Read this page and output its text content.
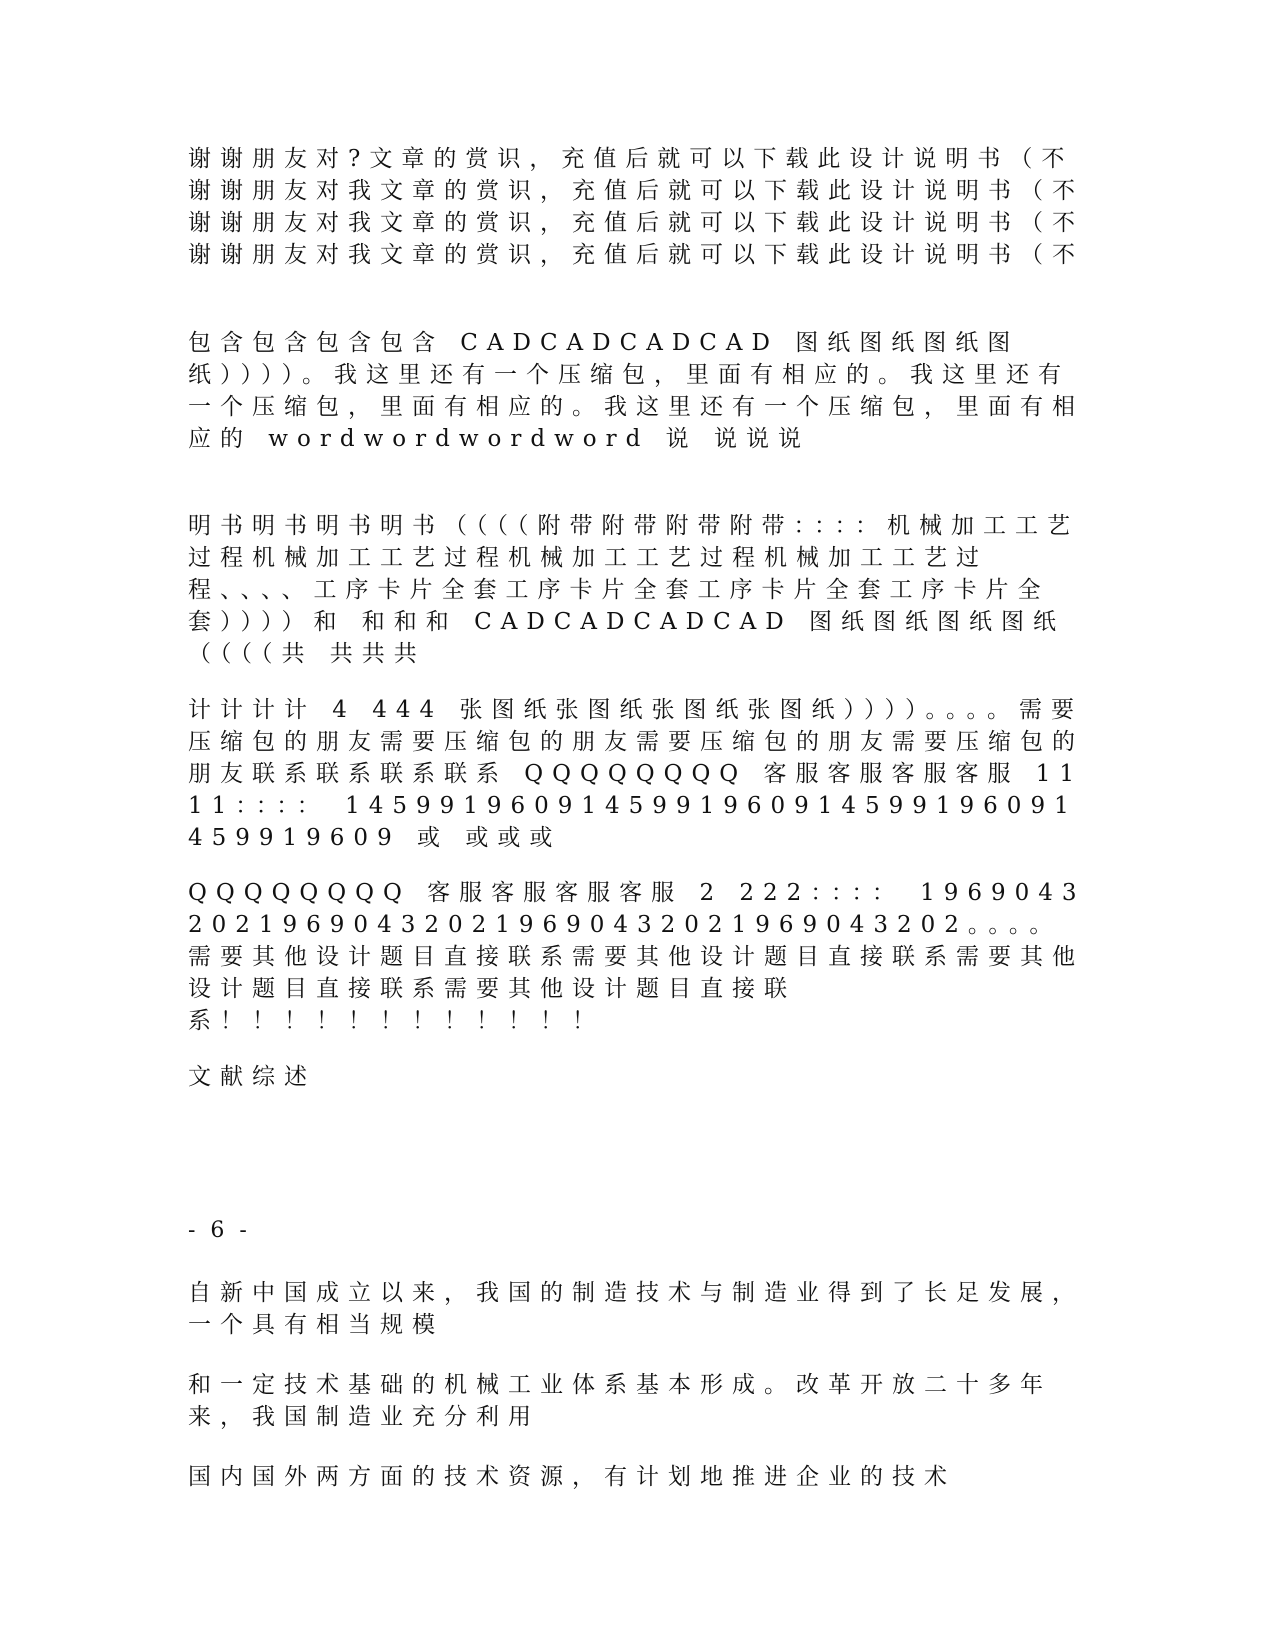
谢谢朋友对?文章的赏识，充值后就可以下载此设计说明书（不谢谢朋友对我文章的赏识，充值后就可以下载此设计说明书（不谢谢朋友对我文章的赏识，充值后就可以下载此设计说明书（不谢谢朋友对我文章的赏识，充值后就可以下载此设计说明书（不

包含包含包含包含 CADCADCADCAD 图纸图纸图纸图纸））））。我这里还有一个压缩包，里面有相应的。我这里还有一个压缩包，里面有相应的。我这里还有一个压缩包，里面有相应的 wordwordwordword 说 说说说

明书明书明书明书（（（（附带附带附带附带：：：：机械加工工艺过程机械加工工艺过程机械加工工艺过程机械加工工艺过程、、、、工序卡片全套工序卡片全套工序卡片全套工序卡片全套））））和 和和和 CADCADCADCAD 图纸图纸图纸图纸（（（（共 共共共

计计计计 4 444 张图纸张图纸张图纸张图纸））））。。。。需要压缩包的朋友需要压缩包的朋友需要压缩包的朋友需要压缩包的朋友联系联系联系联系 QQQQQQQQ 客服客服客服客服 1111：：：： 1459919609145991960914599196091459919609 或 或或或

QQQQQQQQ 客服客服客服客服 2 222：：：： 1969043202196904320219690432021969043202。。。。需要其他设计题目直接联系需要其他设计题目直接联系需要其他设计题目直接联系需要其他设计题目直接联系！！！！！！！！！！！！

文献综述

- 6 -

自新中国成立以来，我国的制造技术与制造业得到了长足发展，一个具有相当规模

和一定技术基础的机械工业体系基本形成。改革开放二十多年来，我国制造业充分利用

国内国外两方面的技术资源，有计划地推进企业的技术
